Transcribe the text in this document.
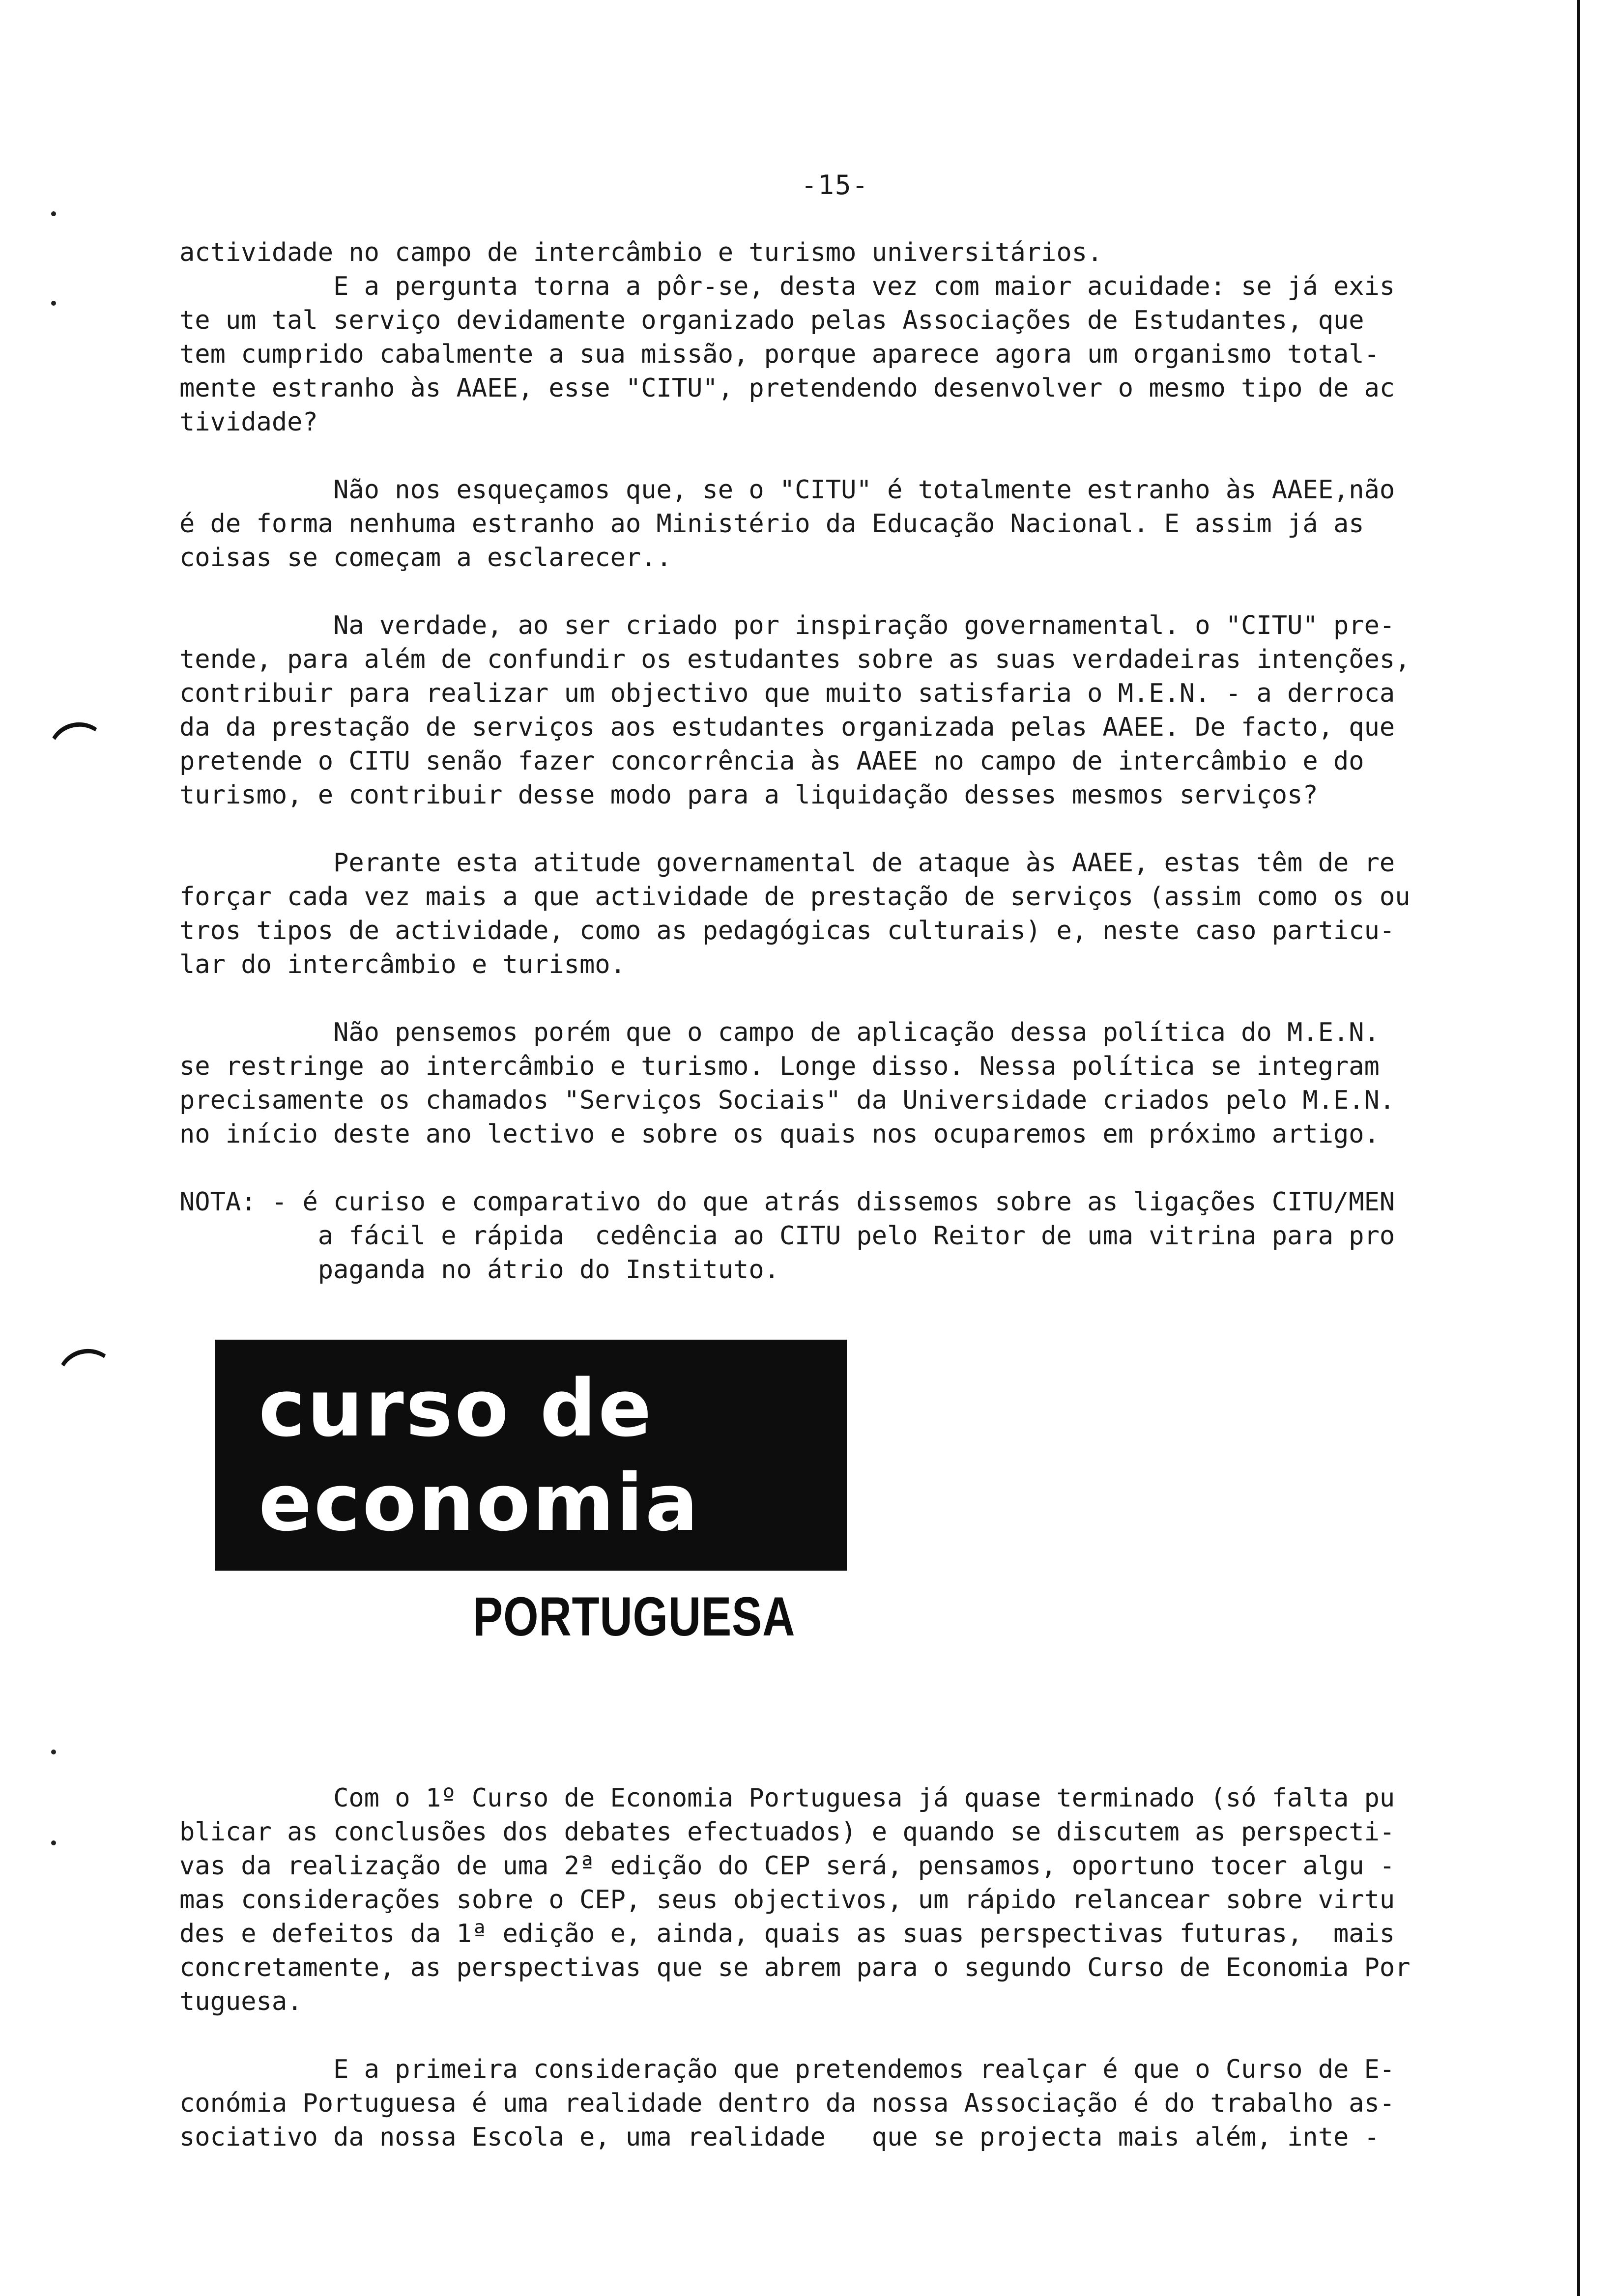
-15-
actividade no campo de intercâmbio e turismo universitários.
E a pergunta torna a pôr-se, desta vez com maior acuidade: se já exis
te um tal serviço devidamente organizado pelas Associações de Estudantes, que
tem cumprido cabalmente a sua missão, porque aparece agora um organismo total-
mente estranho às AAEE, esse "CITU", pretendendo desenvolver o mesmo tipo de ac
tividade?

Não nos esqueçamos que, se o "CITU" é totalmente estranho às AAEE,não
é de forma nenhuma estranho ao Ministério da Educação Nacional. E assim já as
coisas se começam a esclarecer..

Na verdade, ao ser criado por inspiração governamental. o "CITU" pre-
tende, para além de confundir os estudantes sobre as suas verdadeiras intenções,
contribuir para realizar um objectivo que muito satisfaria o M.E.N. - a derroca
da da prestação de serviços aos estudantes organizada pelas AAEE. De facto, que
pretende o CITU senão fazer concorrência às AAEE no campo de intercâmbio e do
turismo, e contribuir desse modo para a liquidação desses mesmos serviços?

Perante esta atitude governamental de ataque às AAEE, estas têm de re
forçar cada vez mais a que actividade de prestação de serviços (assim como os ou
tros tipos de actividade, como as pedagógicas culturais) e, neste caso particu-
lar do intercâmbio e turismo.

Não pensemos porém que o campo de aplicação dessa política do M.E.N.
se restringe ao intercâmbio e turismo. Longe disso. Nessa política se integram
precisamente os chamados "Serviços Sociais" da Universidade criados pelo M.E.N.
no início deste ano lectivo e sobre os quais nos ocuparemos em próximo artigo.

NOTA: - é curiso e comparativo do que atrás dissemos sobre as ligações CITU/MEN
a fácil e rápida  cedência ao CITU pelo Reitor de uma vitrina para pro
paganda no átrio do Instituto.
curso de
economia
PORTUGUESA
Com o 1º Curso de Economia Portuguesa já quase terminado (só falta pu
blicar as conclusões dos debates efectuados) e quando se discutem as perspecti-
vas da realização de uma 2ª edição do CEP será, pensamos, oportuno tocer algu -
mas considerações sobre o CEP, seus objectivos, um rápido relancear sobre virtu
des e defeitos da 1ª edição e, ainda, quais as suas perspectivas futuras,  mais
concretamente, as perspectivas que se abrem para o segundo Curso de Economia Por
tuguesa.

E a primeira consideração que pretendemos realçar é que o Curso de E-
conómia Portuguesa é uma realidade dentro da nossa Associação é do trabalho as-
sociativo da nossa Escola e, uma realidade   que se projecta mais além, inte -
